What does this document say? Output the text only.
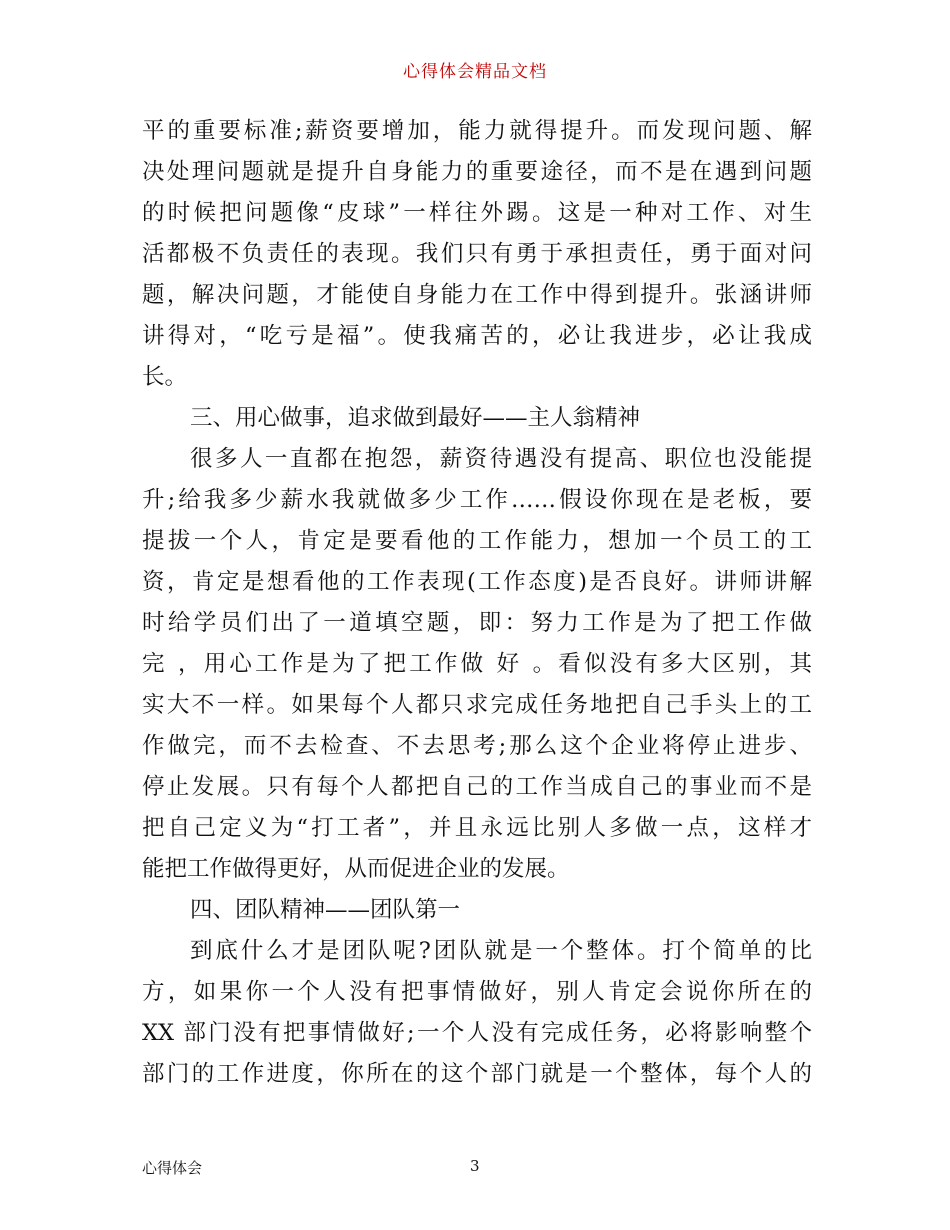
心得体会精品文档
平的重要标准;薪资要增加，能力就得提升。而发现问题、解
决处理问题就是提升自身能力的重要途径，而不是在遇到问题
的时候把问题像“皮球”一样往外踢。这是一种对工作、对生
活都极不负责任的表现。我们只有勇于承担责任，勇于面对问
题，解决问题，才能使自身能力在工作中得到提升。张涵讲师
讲得对，“吃亏是福”。使我痛苦的，必让我进步，必让我成
长。
三、用心做事，追求做到最好——主人翁精神
很多人一直都在抱怨，薪资待遇没有提高、职位也没能提
升;给我多少薪水我就做多少工作……假设你现在是老板，要
提拔一个人，肯定是要看他的工作能力，想加一个员工的工
资，肯定是想看他的工作表现(工作态度)是否良好。讲师讲解
时给学员们出了一道填空题，即：努力工作是为了把工作做
完 ，用心工作是为了把工作做 好 。看似没有多大区别，其
实大不一样。如果每个人都只求完成任务地把自己手头上的工
作做完，而不去检查、不去思考;那么这个企业将停止进步、
停止发展。只有每个人都把自己的工作当成自己的事业而不是
把自己定义为“打工者”，并且永远比别人多做一点，这样才
能把工作做得更好，从而促进企业的发展。
四、团队精神——团队第一
到底什么才是团队呢?团队就是一个整体。打个简单的比
方，如果你一个人没有把事情做好，别人肯定会说你所在的
XX 部门没有把事情做好;一个人没有完成任务，必将影响整个
部门的工作进度，你所在的这个部门就是一个整体，每个人的
心得体会	3
